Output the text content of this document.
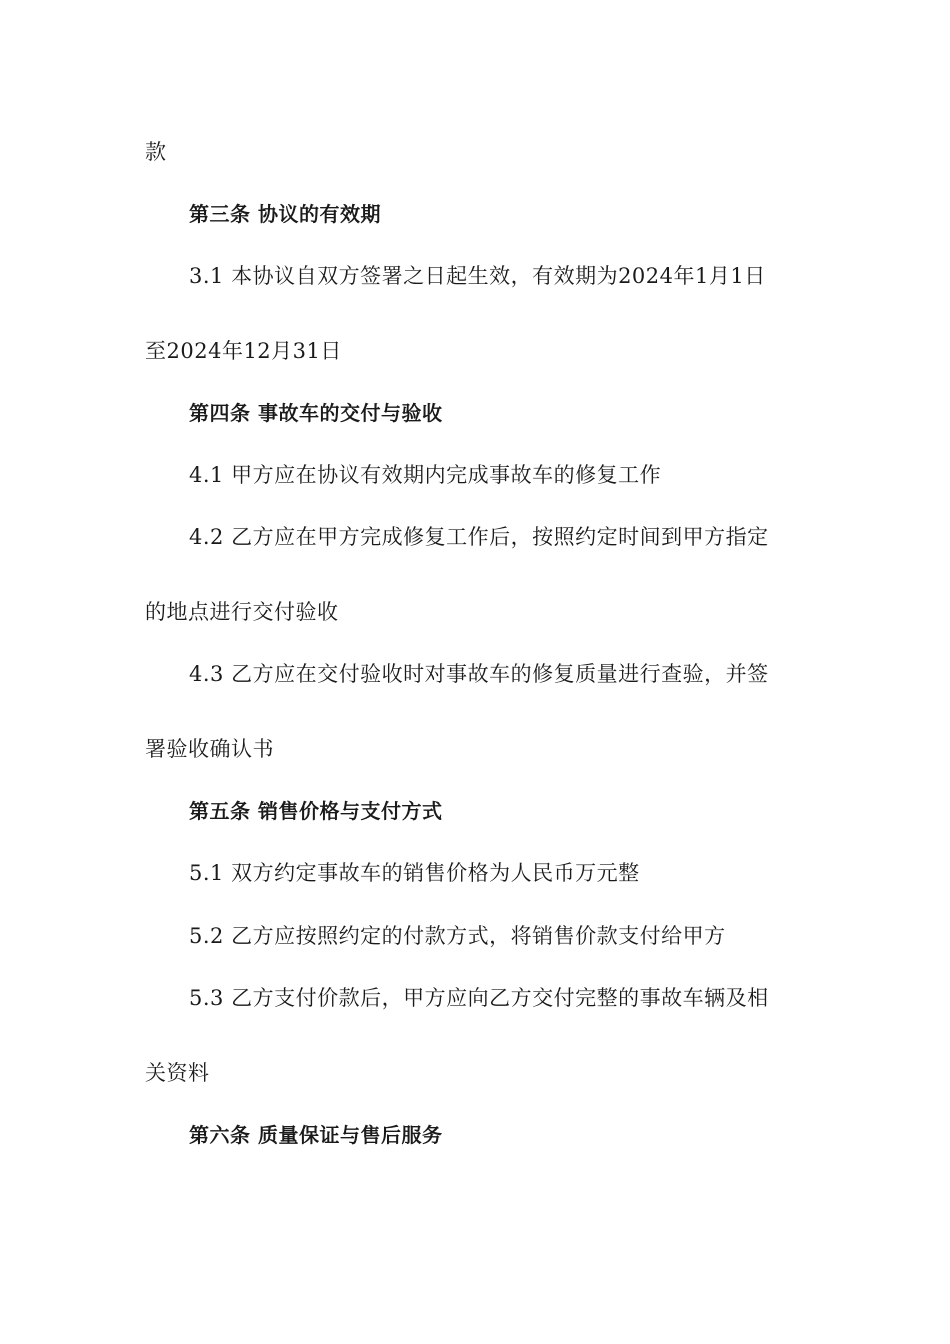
款
第三条 协议的有效期
3.1 本协议自双方签署之日起生效，有效期为2024年1月1日
至2024年12月31日
第四条 事故车的交付与验收
4.1 甲方应在协议有效期内完成事故车的修复工作
4.2 乙方应在甲方完成修复工作后，按照约定时间到甲方指定
的地点进行交付验收
4.3 乙方应在交付验收时对事故车的修复质量进行查验，并签
署验收确认书
第五条 销售价格与支付方式
5.1 双方约定事故车的销售价格为人民币万元整
5.2 乙方应按照约定的付款方式，将销售价款支付给甲方
5.3 乙方支付价款后，甲方应向乙方交付完整的事故车辆及相
关资料
第六条 质量保证与售后服务
